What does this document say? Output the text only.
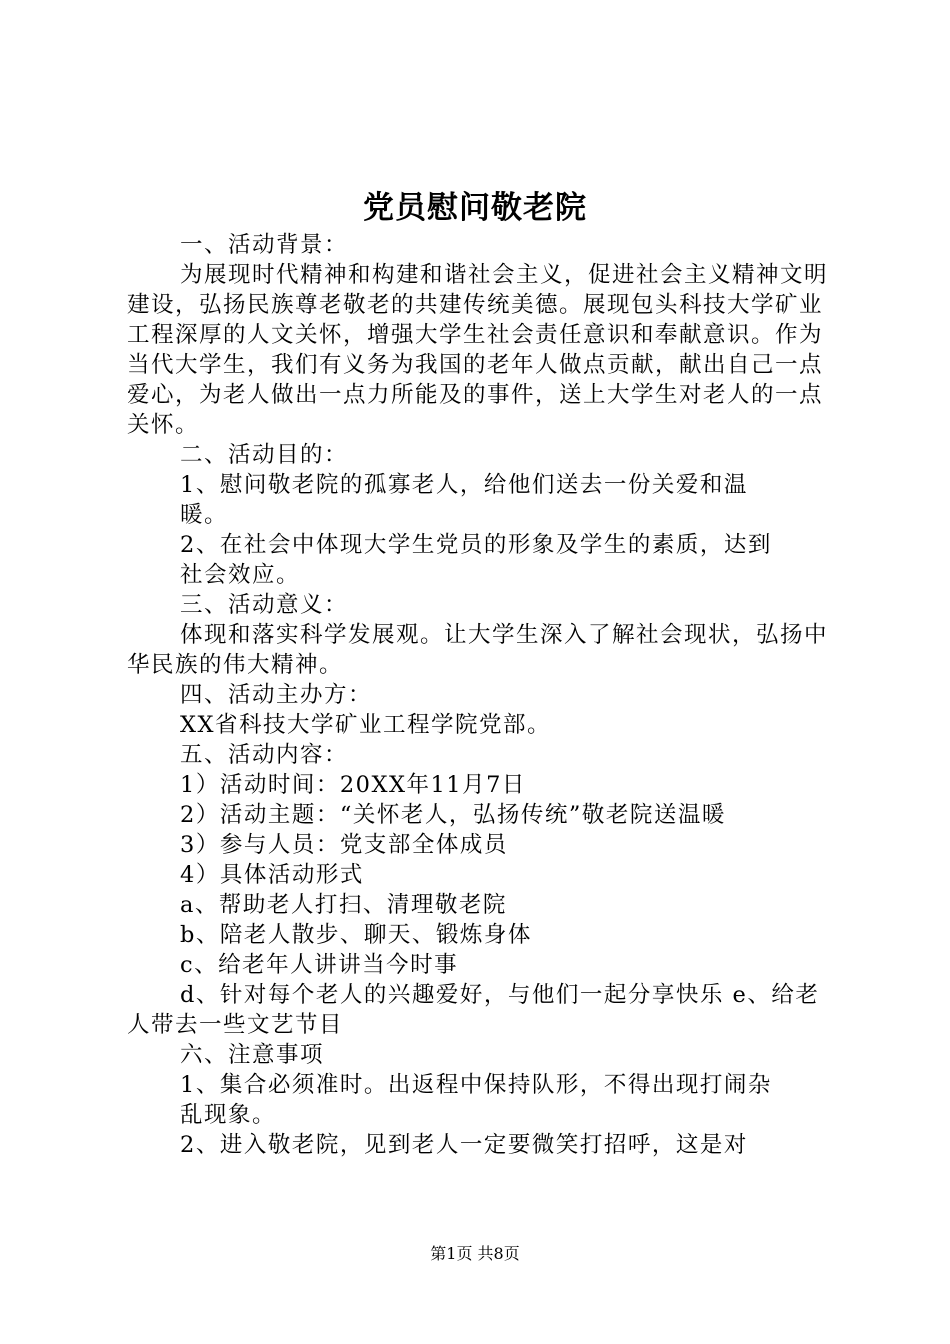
党员慰问敬老院

一、活动背景：

为展现时代精神和构建和谐社会主义，促进社会主义精神文明建设，弘扬民族尊老敬老的共建传统美德。展现包头科技大学矿业工程深厚的人文关怀，增强大学生社会责任意识和奉献意识。作为当代大学生，我们有义务为我国的老年人做点贡献，献出自己一点爱心，为老人做出一点力所能及的事件，送上大学生对老人的一点关怀。

二、活动目的：

1、慰问敬老院的孤寡老人，给他们送去一份关爱和温暖。

2、在社会中体现大学生党员的形象及学生的素质，达到社会效应。

三、活动意义：

体现和落实科学发展观。让大学生深入了解社会现状，弘扬中华民族的伟大精神。

四、活动主办方：

XX省科技大学矿业工程学院党部。

五、活动内容：

1）活动时间：20XX年11月7日

2）活动主题：“关怀老人，弘扬传统”敬老院送温暖

3）参与人员：党支部全体成员

4）具体活动形式

a、帮助老人打扫、清理敬老院

b、陪老人散步、聊天、锻炼身体

c、给老年人讲讲当今时事

d、针对每个老人的兴趣爱好，与他们一起分享快乐 e、给老人带去一些文艺节目

六、注意事项

1、集合必须准时。出返程中保持队形，不得出现打闹杂乱现象。

2、进入敬老院，见到老人一定要微笑打招呼，这是对

第1页 共8页
